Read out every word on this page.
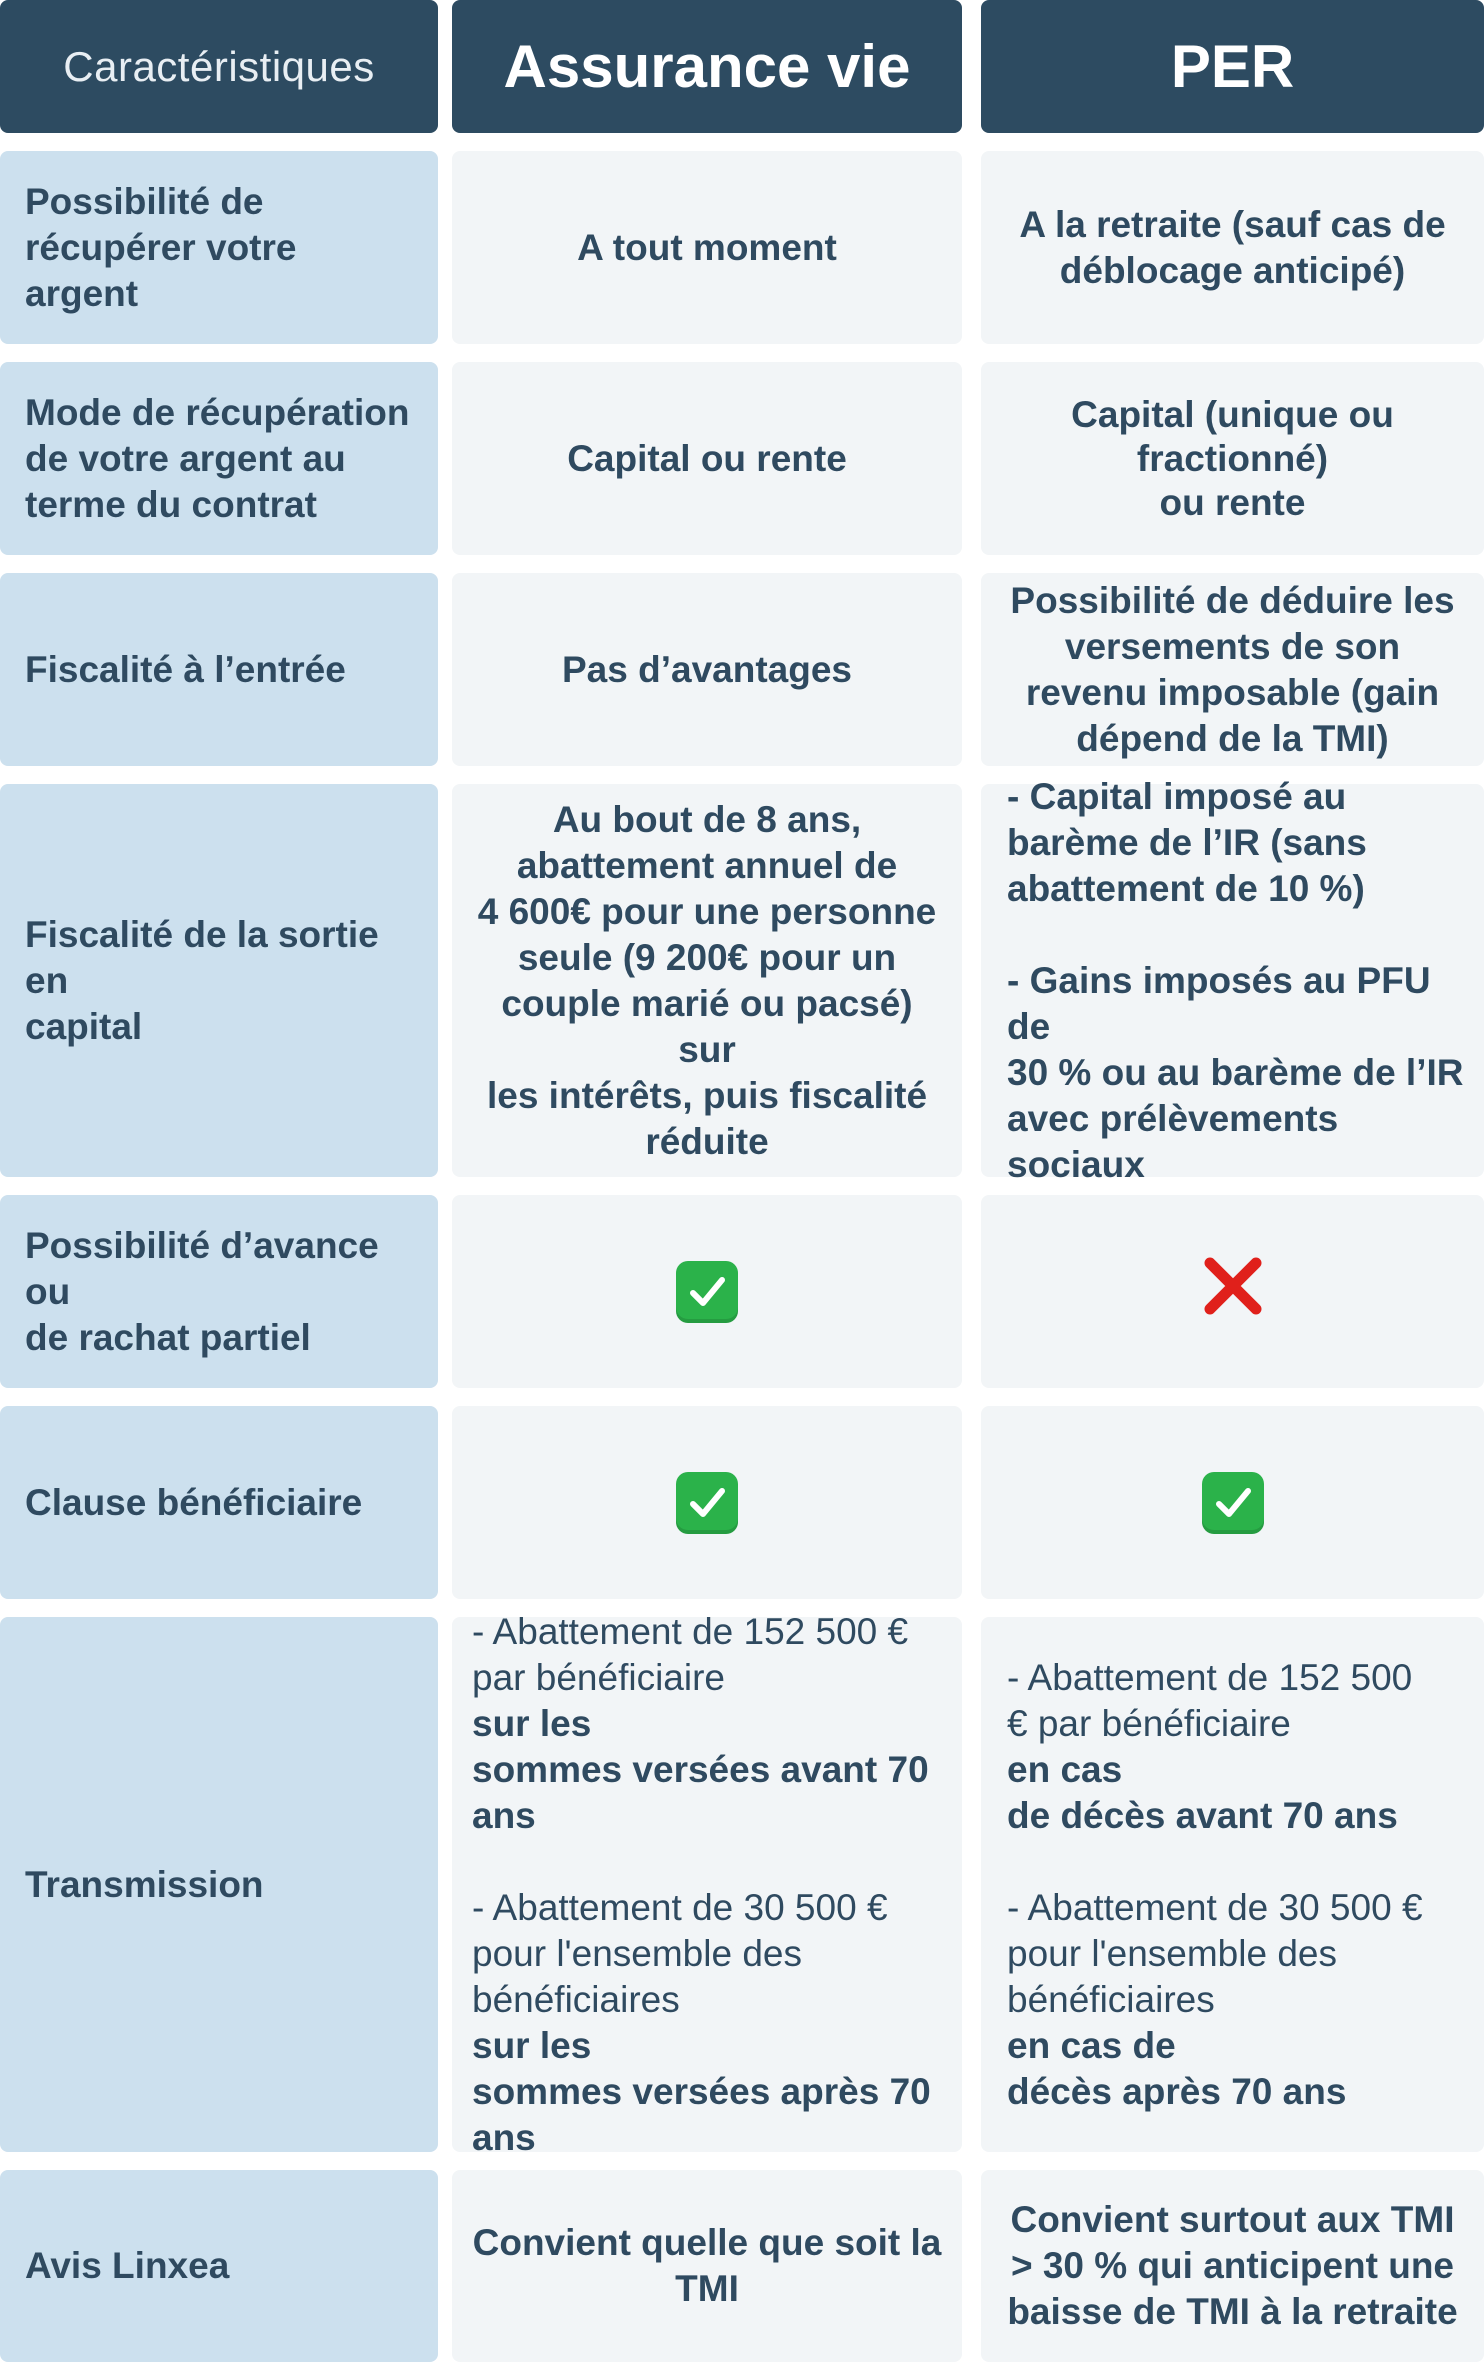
Caractéristiques Assurance vie	PER
Possibilité de
récupérer votre argent
A tout moment
A la retraite (sauf cas de
déblocage anticipé)
Mode de récupération
de votre argent au
terme du contrat
Capital ou rente
Capital (unique ou
fractionné)
ou rente
Fiscalité à l’entrée	Pas d’avantages
Possibilité de déduire les
versements de son
revenu imposable (gain
dépend de la TMI)
Fiscalité de la sortie en
capital
Au bout de 8 ans,
abattement annuel de
4 600€ pour une personne
seule (9 200€ pour un
couple marié ou pacsé) sur
les intérêts, puis fiscalité
réduite
- Capital imposé au
barème de l’IR (sans
abattement de 10 %)
- Gains imposés au PFU de
30 % ou au barème de l’IR
avec prélèvements sociaux
Possibilité d’avance ou
de rachat partiel
Clause bénéficiaire
Transmission
- Abattement de 152 500 €
par bénéficiaire
sur les
sommes versées avant 70
ans
- Abattement de 30 500 €
pour l'ensemble des
bénéficiaires
sur les
sommes versées après 70
ans
- Abattement de 152 500
€ par bénéficiaire
en cas
de décès avant 70 ans
- Abattement de 30 500 €
pour l'ensemble des
bénéficiaires
en cas de
décès après 70 ans
Avis Linxea
Convient quelle que soit la
TMI
Convient surtout aux TMI
> 30 % qui anticipent une
baisse de TMI à la retraite
